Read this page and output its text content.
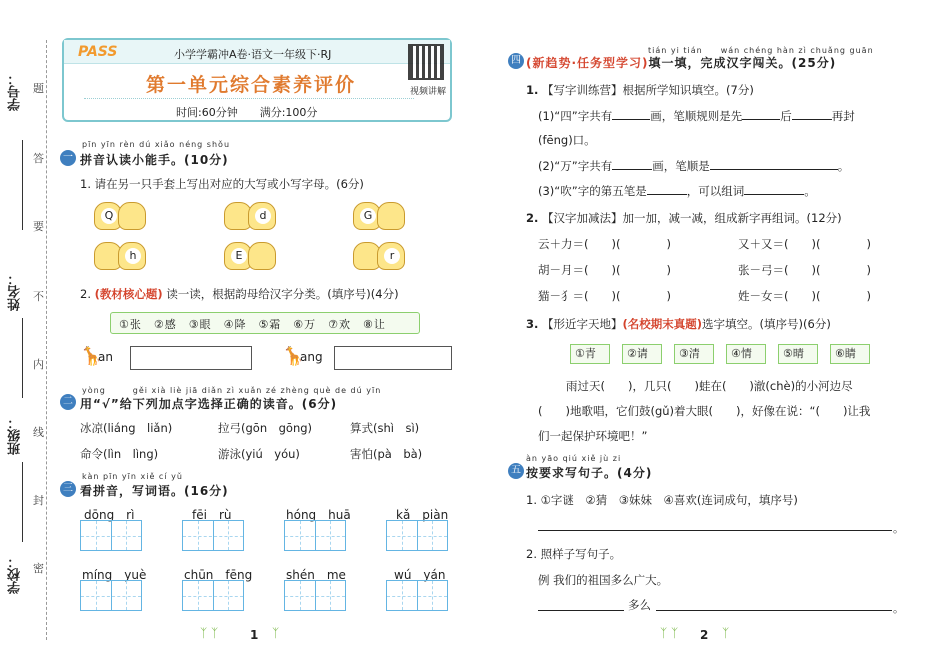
学号：
姓名：
班级：
学校：
题
答
要
不
内
线
封
密
PASS	小学学霸冲A卷·语文一年级下·RJ
第一单元综合素养评价
时间:60分钟　　满分:100分
视频讲解
pīn yīn rèn dú xiǎo néng shǒu
一 拼音认读小能手。(10分)
1. 请在另一只手套上写出对应的大写或小写字母。(6分)
Q	d	G
h	E	r
2. (教材核心题) 读一读，根据韵母给汉字分类。(填序号)(4分)
①张　②感　③眼　④降　⑤霜　⑥万　⑦欢　⑧让
🦒
an	🦒
ang
yòng　　　gěi xià liè jiā diǎn zì xuǎn zé zhèng què de dú yīn
二 用“√”给下列加点字选择正确的读音。(6分)
冰凉(liáng　liǎn)	拉弓(gōn　gōng)	算式(shì　sì)
命令(lìn　lìng)	游泳(yiú　yóu)	害怕(pà　bà)
kàn pīn yīn xiě cí yǔ
三 看拼音，写词语。(16分)
dōng　rì	fēi　rù	hóng　huā	kǎ　piàn
míng　yuè	chūn　fēng	shén　me	wú　yán
ᛉ ᛉ	1 ᛉ
tián yi tián　　wán chéng hàn zì chuǎng guān
四 (新趋势·任务型学习)填一填，完成汉字闯关。(25分)
1. 【写字训练营】根据所学知识填空。(7分)
(1)“四”字共有	画，笔顺规则是先	后	再封
(fēng)口。
(2)“万”字共有	画，笔顺是	。
(3)“吹”字的第五笔是	，可以组词	。
2. 【汉字加减法】加一加，减一减，组成新字再组词。(12分)
云＋力＝(　　)(　　　　)	又＋又＝(　　)(　　　　)
胡－月＝(　　)(　　　　)	张－弓＝(　　)(　　　　)
猫－犭＝(　　)(　　　　)	姓－女＝(　　)(　　　　)
3. 【形近字天地】(名校期末真题)选字填空。(填序号)(6分)
①青	②请	③清	④情	⑤晴	⑥睛
雨过天(　　)，几只(　　)蛙在(　　)澈(chè)的小河边尽
(　　)地歌唱，它们鼓(gǔ)着大眼(　　)，好像在说：“(　　)让我
们一起保护环境吧！”
àn yāo qiú xiě jù zi
五 按要求写句子。(4分)
1. ①字谜　②猜　③妹妹　④喜欢(连词成句，填序号)
。
2. 照样子写句子。
例 我们的祖国多么广大。
多么	。
ᛉ ᛉ 2 ᛉ
